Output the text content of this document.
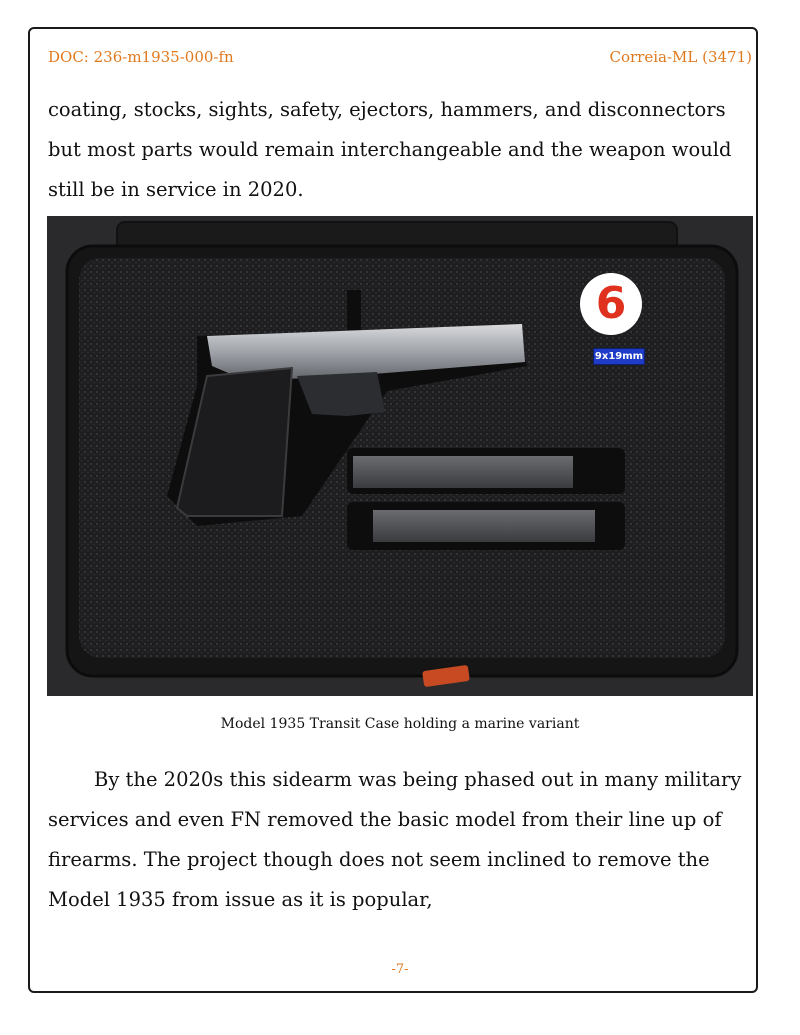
DOC: 236-m1935-000-fn	Correia-ML (3471)

coating, stocks, sights, safety, ejectors, hammers, and disconnectors but most parts would remain interchangeable and the weapon would still be in service in 2020.

6
9x19mm
Model 1935 Transit Case holding a marine variant

By the 2020s this sidearm was being phased out in many military services and even FN removed the basic model from their line up of firearms. The project though does not seem inclined to remove the Model 1935 from issue as it is popular,

-7-
